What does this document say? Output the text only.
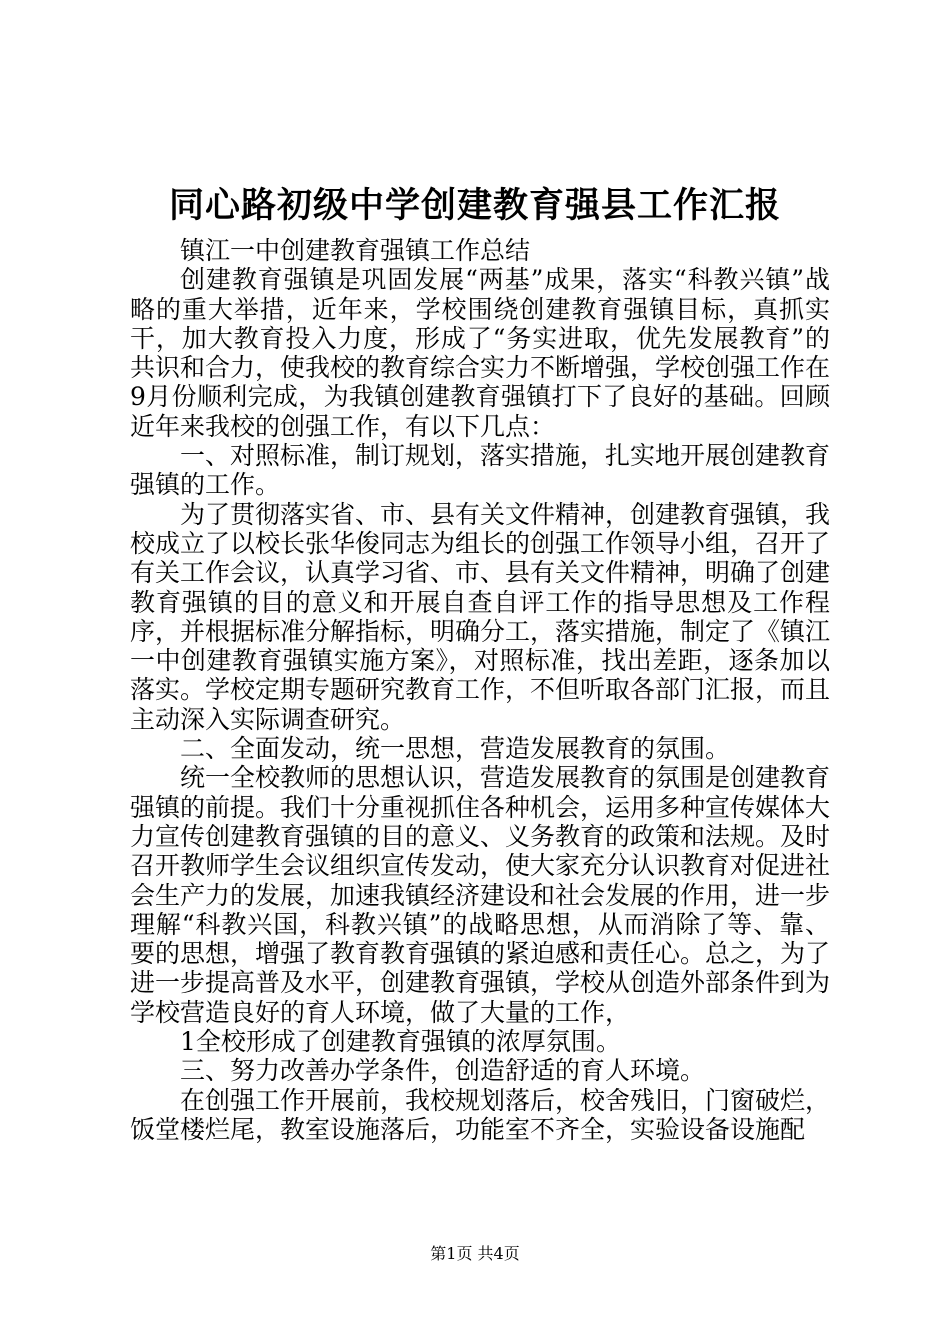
同心路初级中学创建教育强县工作汇报

镇江一中创建教育强镇工作总结

创建教育强镇是巩固发展“两基”成果，落实“科教兴镇”战略的重大举措，近年来，学校围绕创建教育强镇目标，真抓实干，加大教育投入力度，形成了“务实进取，优先发展教育”的共识和合力，使我校的教育综合实力不断增强，学校创强工作在9月份顺利完成，为我镇创建教育强镇打下了良好的基础。回顾近年来我校的创强工作，有以下几点：

一、对照标准，制订规划，落实措施，扎实地开展创建教育强镇的工作。

为了贯彻落实省、市、县有关文件精神，创建教育强镇，我校成立了以校长张华俊同志为组长的创强工作领导小组，召开了有关工作会议，认真学习省、市、县有关文件精神，明确了创建教育强镇的目的意义和开展自查自评工作的指导思想及工作程序，并根据标准分解指标，明确分工，落实措施，制定了《镇江一中创建教育强镇实施方案》，对照标准，找出差距，逐条加以落实。学校定期专题研究教育工作，不但听取各部门汇报，而且主动深入实际调查研究。

二、全面发动，统一思想，营造发展教育的氛围。

统一全校教师的思想认识，营造发展教育的氛围是创建教育强镇的前提。我们十分重视抓住各种机会，运用多种宣传媒体大力宣传创建教育强镇的目的意义、义务教育的政策和法规。及时召开教师学生会议组织宣传发动，使大家充分认识教育对促进社会生产力的发展，加速我镇经济建设和社会发展的作用，进一步理解“科教兴国，科教兴镇”的战略思想，从而消除了等、靠、要的思想，增强了教育教育强镇的紧迫感和责任心。总之，为了进一步提高普及水平，创建教育强镇，学校从创造外部条件到为学校营造良好的育人环境，做了大量的工作，

1全校形成了创建教育强镇的浓厚氛围。

三、努力改善办学条件，创造舒适的育人环境。

在创强工作开展前，我校规划落后，校舍残旧，门窗破烂，饭堂楼烂尾，教室设施落后，功能室不齐全，实验设备设施配

第1页 共4页
